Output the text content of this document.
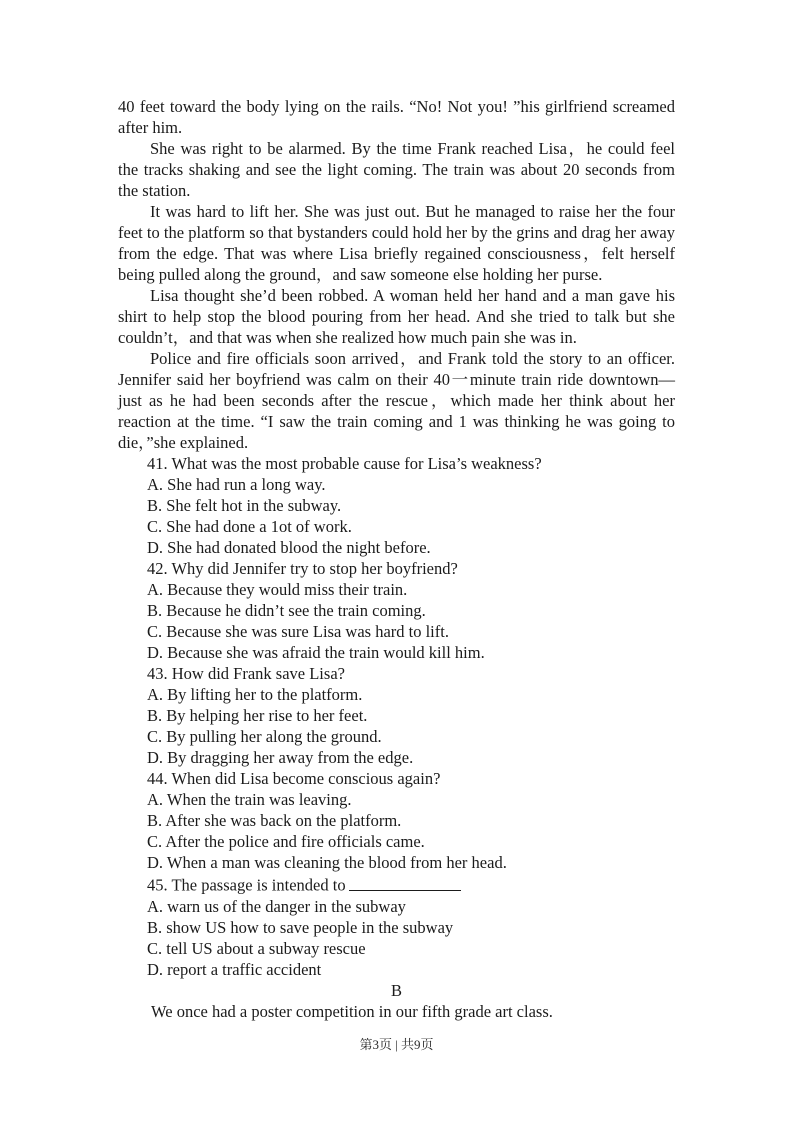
40 feet toward the body lying on the rails. “No! Not you! ”his girlfriend screamed after him.

She was right to be alarmed. By the time Frank reached Lisa，he could feel the tracks shaking and see the light coming. The train was about 20 seconds from the station.

It was hard to lift her. She was just out. But he managed to raise her the four feet to the platform so that bystanders could hold her by the grins and drag her away from the edge. That was where Lisa briefly regained consciousness，felt herself being pulled along the ground，and saw someone else holding her purse.

Lisa thought she’d been robbed. A woman held her hand and a man gave his shirt to help stop the blood pouring from her head. And she tried to talk but she couldn’t，and that was when she realized how much pain she was in.

Police and fire officials soon arrived，and Frank told the story to an officer. Jennifer said her boyfriend was calm on their 40一minute train ride downtown—just as he had been seconds after the rescue，which made her think about her reaction at the time. “I saw the train coming and 1 was thinking he was going to die，”she explained.

41. What was the most probable cause for Lisa’s weakness?
A. She had run a long way.
B. She felt hot in the subway.
C. She had done a 1ot of work.
D. She had donated blood the night before.
42. Why did Jennifer try to stop her boyfriend?
A. Because they would miss their train.
B. Because he didn’t see the train coming.
C. Because she was sure Lisa was hard to lift.
D. Because she was afraid the train would kill him.
43. How did Frank save Lisa?
A. By lifting her to the platform.
B. By helping her rise to her feet.
C. By pulling her along the ground.
D. By dragging her away from the edge.
44. When did Lisa become conscious again?
A. When the train was leaving.
B. After she was back on the platform.
C. After the police and fire officials came.
D. When a man was cleaning the blood from her head.
45. The passage is intended to
A. warn us of the danger in the subway
B. show US how to save people in the subway
C. tell US about a subway rescue
D. report a traffic accident
B

We once had a poster competition in our fifth grade art class.

第3页 | 共9页
